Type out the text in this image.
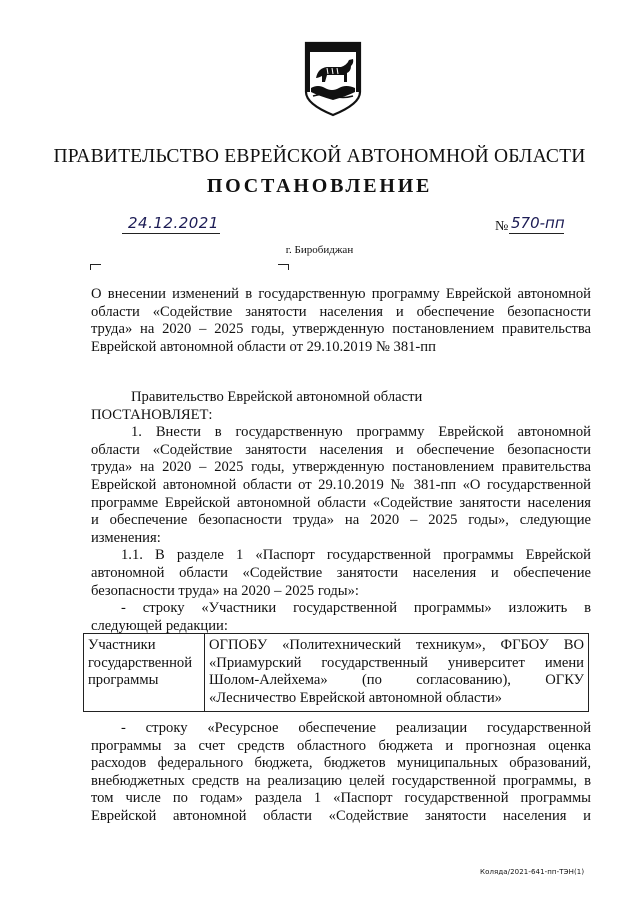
ПРАВИТЕЛЬСТВО ЕВРЕЙСКОЙ АВТОНОМНОЙ ОБЛАСТИ
ПОСТАНОВЛЕНИЕ
24.12.2021	№ 570-пп
г. Биробиджан
О внесении изменений в государственную программу Еврейской автономной
области «Содействие занятости населения и обеспечение безопасности
труда» на 2020 – 2025 годы, утвержденную постановлением правительства
Еврейской автономной области от 29.10.2019 № 381-пп
Правительство Еврейской автономной области
ПОСТАНОВЛЯЕТ:
1. Внести в государственную программу Еврейской автономной
области «Содействие занятости населения и обеспечение безопасности
труда» на 2020 – 2025 годы, утвержденную постановлением правительства
Еврейской автономной области от 29.10.2019 № 381-пп «О государственной
программе Еврейской автономной области «Содействие занятости населения
и обеспечение безопасности труда» на 2020 – 2025 годы», следующие
изменения:
1.1. В разделе 1 «Паспорт государственной программы Еврейской
автономной области «Содействие занятости населения и обеспечение
безопасности труда» на 2020 – 2025 годы»:
- строку «Участники государственной программы» изложить в
следующей редакции:
Участники
государственной
программы

ОГПОБУ «Политехнический техникум», ФГБОУ ВО
«Приамурский государственный университет имени
Шолом-Алейхема» (по согласованию), ОГКУ
«Лесничество Еврейской автономной области»
- строку «Ресурсное обеспечение реализации государственной
программы за счет средств областного бюджета и прогнозная оценка
расходов федерального бюджета, бюджетов муниципальных образований,
внебюджетных средств на реализацию целей государственной программы, в
том числе по годам» раздела 1 «Паспорт государственной программы
Еврейской автономной области «Содействие занятости населения и
Коляда/2021-641-пп-ТЭН(1)
